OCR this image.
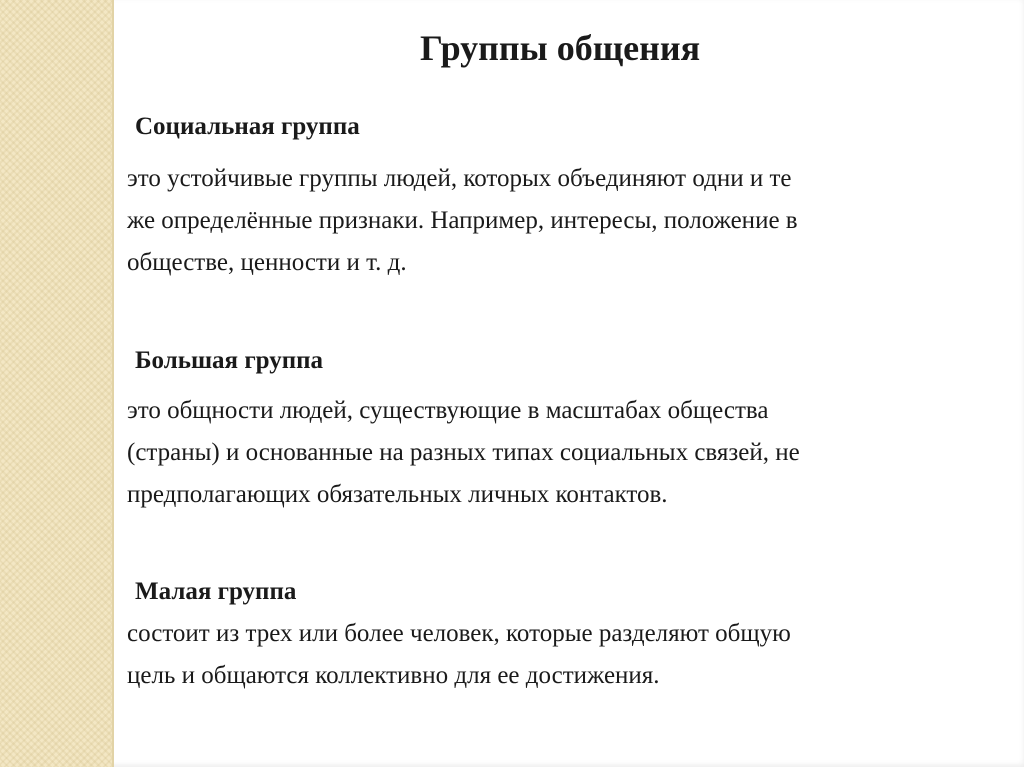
Группы общения
Социальная группа

это устойчивые группы людей, которых объединяют одни и те
же определённые признаки. Например, интересы, положение в
обществе, ценности и т. д.

Большая группа

это общности людей, существующие в масштабах общества
(страны) и основанные на разных типах социальных связей, не
предполагающих обязательных личных контактов.

Малая группа

состоит из трех или более человек, которые разделяют общую
цель и общаются коллективно для ее достижения.
